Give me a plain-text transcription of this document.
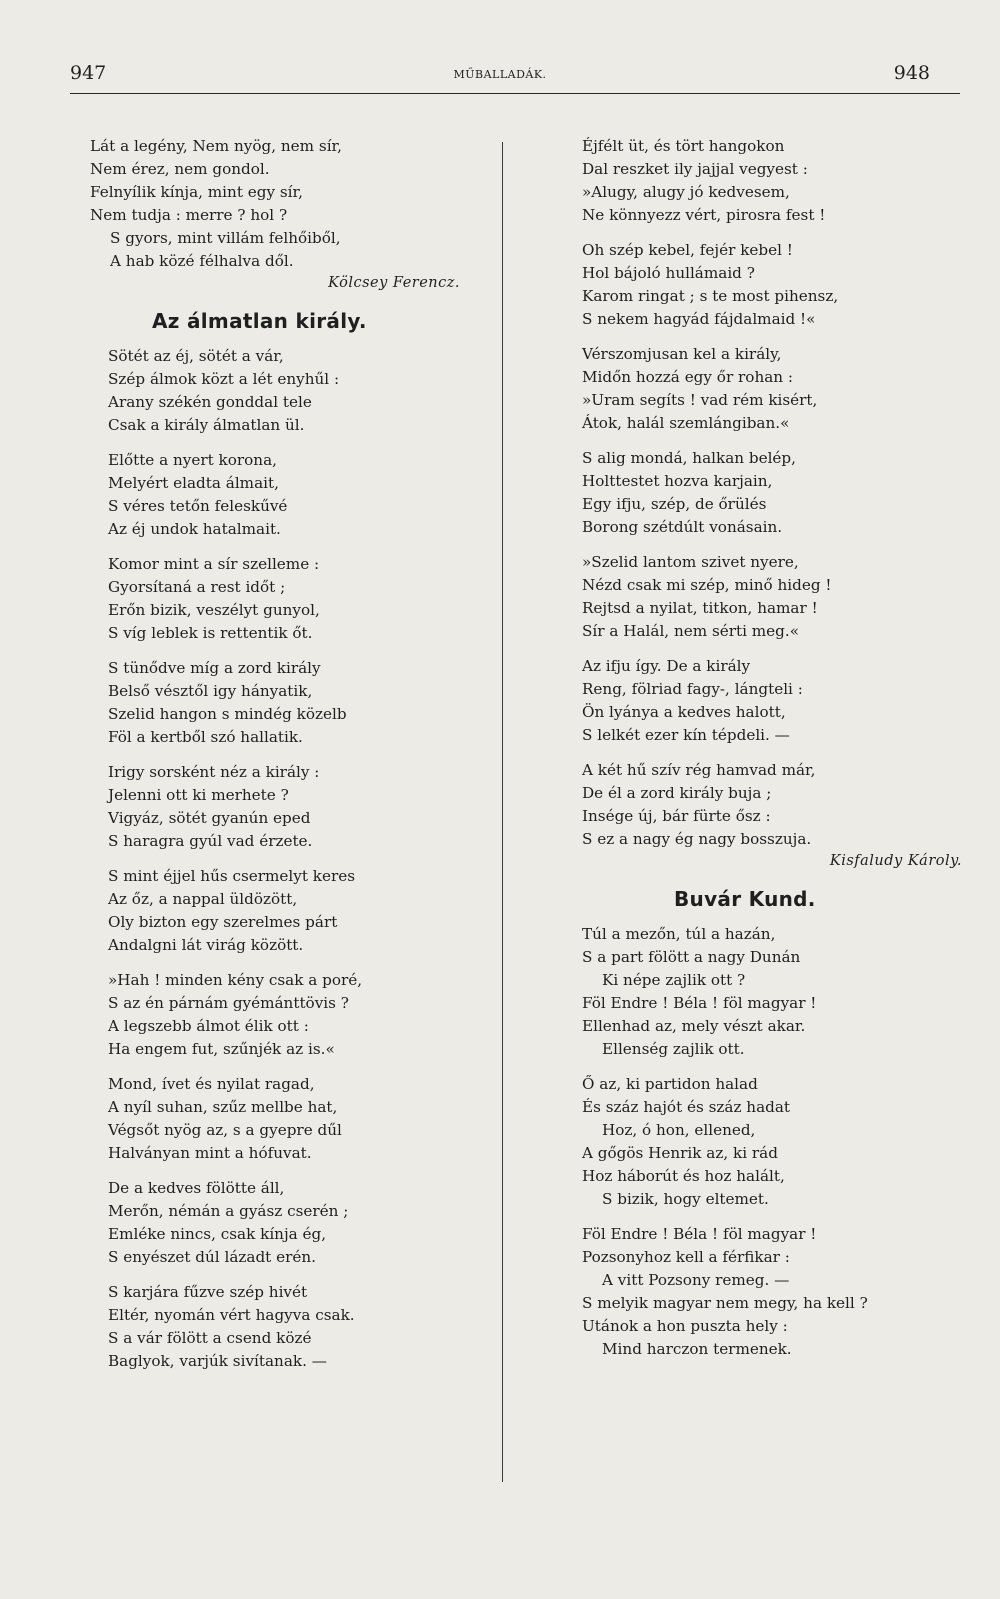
947	MŰBALLADÁK.	948
Lát a legény, Nem nyög, nem sír,
Nem érez, nem gondol.
Felnyílik kínja, mint egy sír,
Nem tudja : merre ? hol ?
S gyors, mint villám felhőiből,
A hab közé félhalva dől.
Kölcsey Ferencz.
Az álmatlan király.
Sötét az éj, sötét a vár,
Szép álmok közt a lét enyhűl :
Arany székén gonddal tele
Csak a király álmatlan ül.
Előtte a nyert korona,
Melyért eladta álmait,
S véres tetőn feleskűvé
Az éj undok hatalmait.
Komor mint a sír szelleme :
Gyorsítaná a rest időt ;
Erőn bizik, veszélyt gunyol,
S víg leblek is rettentik őt.
S tünődve míg a zord király
Belső vésztől igy hányatik,
Szelid hangon s mindég közelb
Föl a kertből szó hallatik.
Irigy sorsként néz a király :
Jelenni ott ki merhete ?
Vigyáz, sötét gyanún eped
S haragra gyúl vad érzete.
S mint éjjel hűs csermelyt keres
Az őz, a nappal üldözött,
Oly bizton egy szerelmes párt
Andalgni lát virág között.
»Hah ! minden kény csak a poré,
S az én párnám gyémánttövis ?
A legszebb álmot élik ott :
Ha engem fut, szűnjék az is.«
Mond, ívet és nyilat ragad,
A nyíl suhan, szűz mellbe hat,
Végsőt nyög az, s a gyepre dűl
Halványan mint a hófuvat.
De a kedves fölötte áll,
Merőn, némán a gyász cserén ;
Emléke nincs, csak kínja ég,
S enyészet dúl lázadt erén.
S karjára fűzve szép hivét
Eltér, nyomán vért hagyva csak.
S a vár fölött a csend közé
Baglyok, varjúk sivítanak. —
Éjfélt üt, és tört hangokon
Dal reszket ily jajjal vegyest :
»Alugy, alugy jó kedvesem,
Ne könnyezz vért, pirosra fest !
Oh szép kebel, fejér kebel !
Hol bájoló hullámaid ?
Karom ringat ; s te most pihensz,
S nekem hagyád fájdalmaid !«
Vérszomjusan kel a király,
Midőn hozzá egy őr rohan :
»Uram segíts ! vad rém kisért,
Átok, halál szemlángiban.«
S alig mondá, halkan belép,
Holttestet hozva karjain,
Egy ifju, szép, de őrülés
Borong szétdúlt vonásain.
»Szelid lantom szivet nyere,
Nézd csak mi szép, minő hideg !
Rejtsd a nyilat, titkon, hamar !
Sír a Halál, nem sérti meg.«
Az ifju így. De a király
Reng, fölriad fagy-, lángteli :
Ön lyánya a kedves halott,
S lelkét ezer kín tépdeli. —
A két hű szív rég hamvad már,
De él a zord király buja ;
Insége új, bár fürte ősz :
S ez a nagy ég nagy bosszuja.
Kisfaludy Károly.
Buvár Kund.
Túl a mezőn, túl a hazán,
S a part fölött a nagy Dunán
Ki népe zajlik ott ?
Föl Endre ! Béla ! föl magyar !
Ellenhad az, mely vészt akar.
Ellenség zajlik ott.
Ő az, ki partidon halad
És száz hajót és száz hadat
Hoz, ó hon, ellened,
A gőgös Henrik az, ki rád
Hoz háborút és hoz halált,
S bizik, hogy eltemet.
Föl Endre ! Béla ! föl magyar !
Pozsonyhoz kell a férfikar :
A vitt Pozsony remeg. —
S melyik magyar nem megy, ha kell ?
Utánok a hon puszta hely :
Mind harczon termenek.
